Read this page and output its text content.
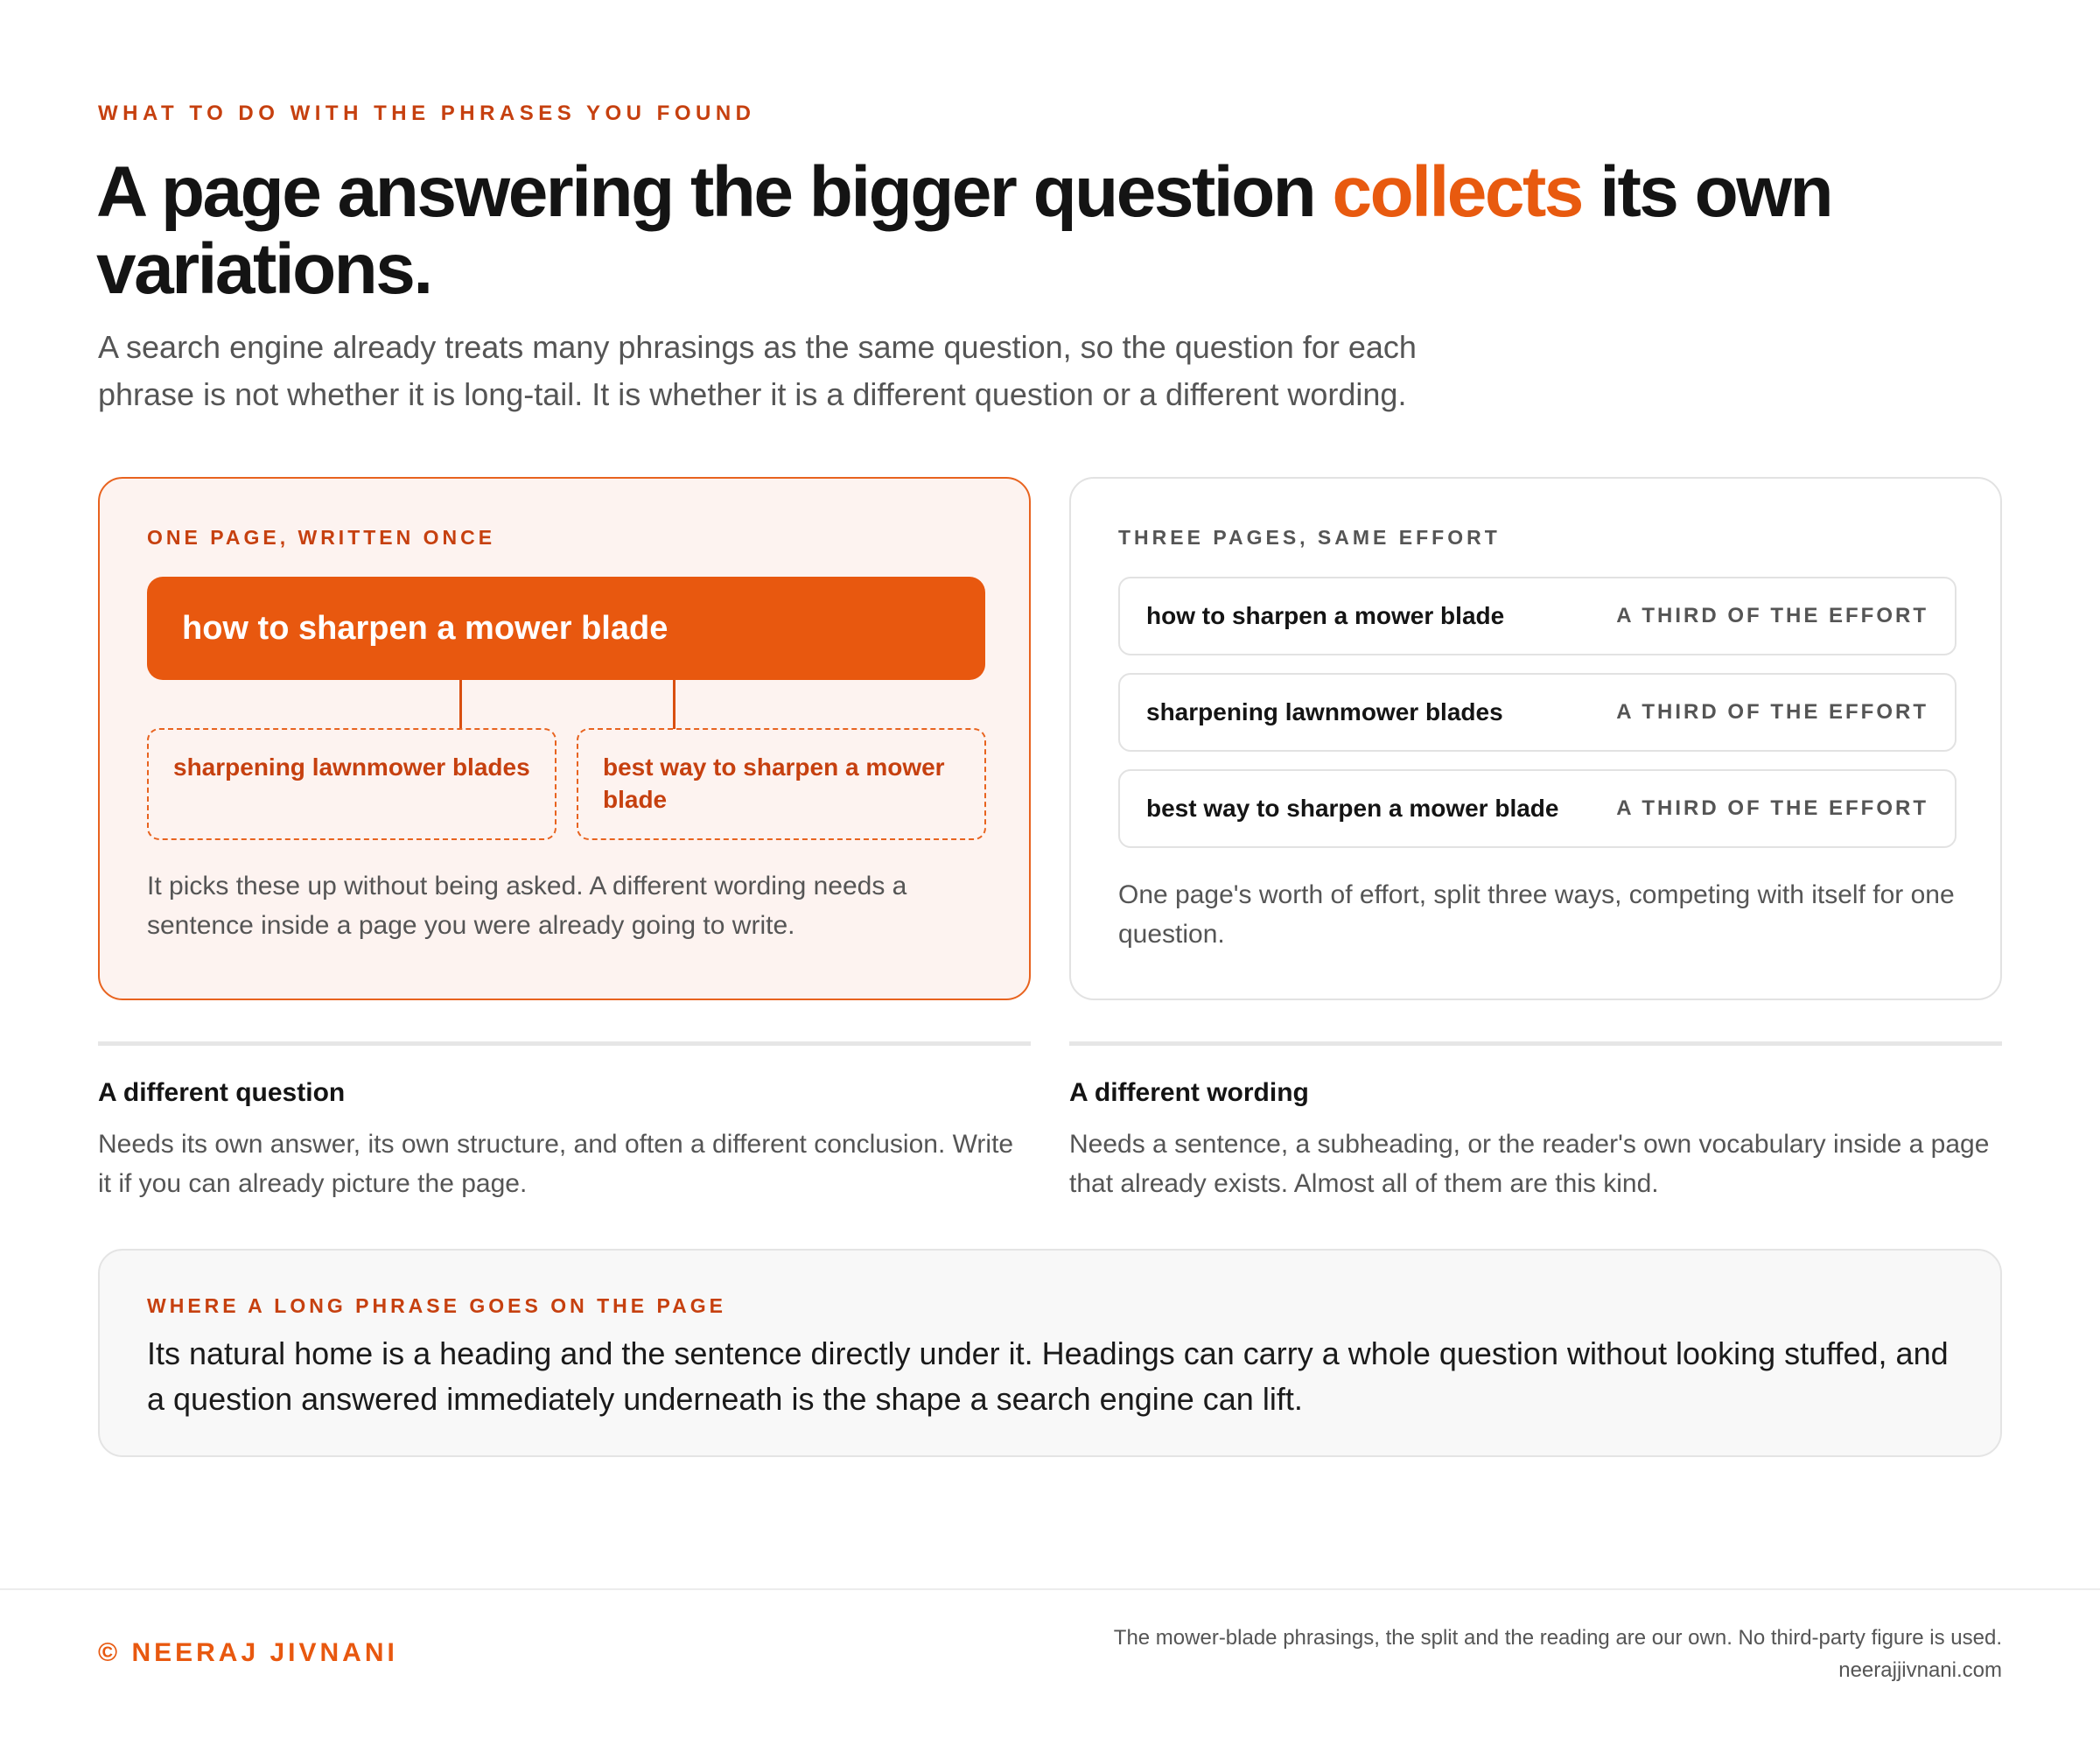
WHAT TO DO WITH THE PHRASES YOU FOUND
A page answering the bigger question collects its own variations.

A search engine already treats many phrasings as the same question, so the question for each phrase is not whether it is long-tail. It is whether it is a different question or a different wording.

ONE PAGE, WRITTEN ONCE
how to sharpen a mower blade
sharpening lawnmower blades	best way to sharpen a mower blade

It picks these up without being asked. A different wording needs a sentence inside a page you were already going to write.

THREE PAGES, SAME EFFORT
how to sharpen a mower blade	A THIRD OF THE EFFORT
sharpening lawnmower blades	A THIRD OF THE EFFORT
best way to sharpen a mower blade	A THIRD OF THE EFFORT

One page's worth of effort, split three ways, competing with itself for one question.

A different question

Needs its own answer, its own structure, and often a different conclusion. Write it if you can already picture the page.

A different wording

Needs a sentence, a subheading, or the reader's own vocabulary inside a page that already exists. Almost all of them are this kind.

WHERE A LONG PHRASE GOES ON THE PAGE

Its natural home is a heading and the sentence directly under it. Headings can carry a whole question without looking stuffed, and a question answered immediately underneath is the shape a search engine can lift.

© NEERAJ JIVNANI
The mower-blade phrasings, the split and the reading are our own. No third-party figure is used.
neerajjivnani.com
